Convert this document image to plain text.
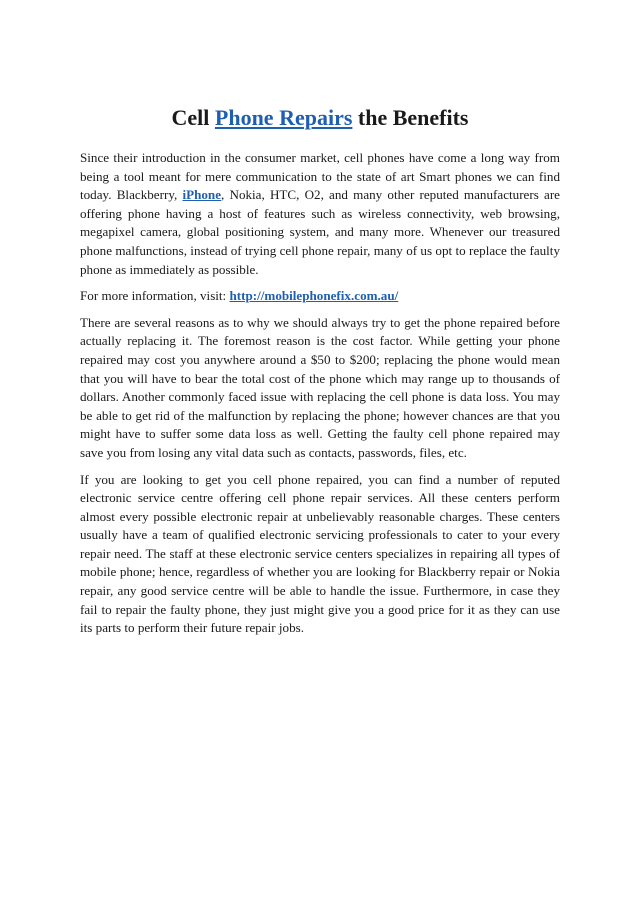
Cell Phone Repairs the Benefits

Since their introduction in the consumer market, cell phones have come a long way from being a tool meant for mere communication to the state of art Smart phones we can find today. Blackberry, iPhone, Nokia, HTC, O2, and many other reputed manufacturers are offering phone having a host of features such as wireless connectivity, web browsing, megapixel camera, global positioning system, and many more. Whenever our treasured phone malfunctions, instead of trying cell phone repair, many of us opt to replace the faulty phone as immediately as possible.

For more information, visit: http://mobilephonefix.com.au/

There are several reasons as to why we should always try to get the phone repaired before actually replacing it. The foremost reason is the cost factor. While getting your phone repaired may cost you anywhere around a $50 to $200; replacing the phone would mean that you will have to bear the total cost of the phone which may range up to thousands of dollars. Another commonly faced issue with replacing the cell phone is data loss. You may be able to get rid of the malfunction by replacing the phone; however chances are that you might have to suffer some data loss as well. Getting the faulty cell phone repaired may save you from losing any vital data such as contacts, passwords, files, etc.

If you are looking to get you cell phone repaired, you can find a number of reputed electronic service centre offering cell phone repair services. All these centers perform almost every possible electronic repair at unbelievably reasonable charges. These centers usually have a team of qualified electronic servicing professionals to cater to your every repair need. The staff at these electronic service centers specializes in repairing all types of mobile phone; hence, regardless of whether you are looking for Blackberry repair or Nokia repair, any good service centre will be able to handle the issue. Furthermore, in case they fail to repair the faulty phone, they just might give you a good price for it as they can use its parts to perform their future repair jobs.
